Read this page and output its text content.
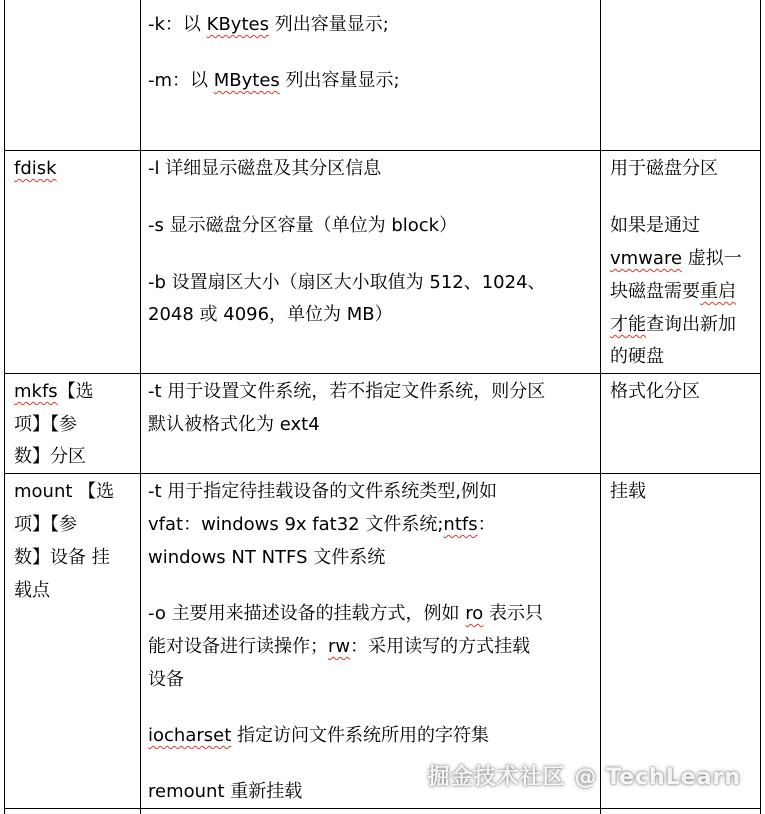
-k：以 KBytes 列出容量显示;
-m：以 MBytes 列出容量显示;
fdisk	-l 详细显示磁盘及其分区信息
-s 显示磁盘分区容量（单位为 block）
-b 设置扇区大小（扇区大小取值为 512、1024、
2048 或 4096，单位为 MB）
用于磁盘分区
如果是通过
vmware 虚拟一
块磁盘需要重启
才能查询出新加
的硬盘
mkfs【选
项】【参
数】分区
-t 用于设置文件系统，若不指定文件系统，则分区
默认被格式化为 ext4
格式化分区
mount 【选
项】【参
数】设备 挂
载点
-t 用于指定待挂载设备的文件系统类型,例如
vfat：windows 9x fat32 文件系统;ntfs：
windows NT NTFS 文件系统
-o 主要用来描述设备的挂载方式，例如 ro 表示只
能对设备进行读操作；rw：采用读写的方式挂载
设备
iocharset 指定访问文件系统所用的字符集
remount 重新挂载
挂载
掘金技术社区 @ TechLearn
